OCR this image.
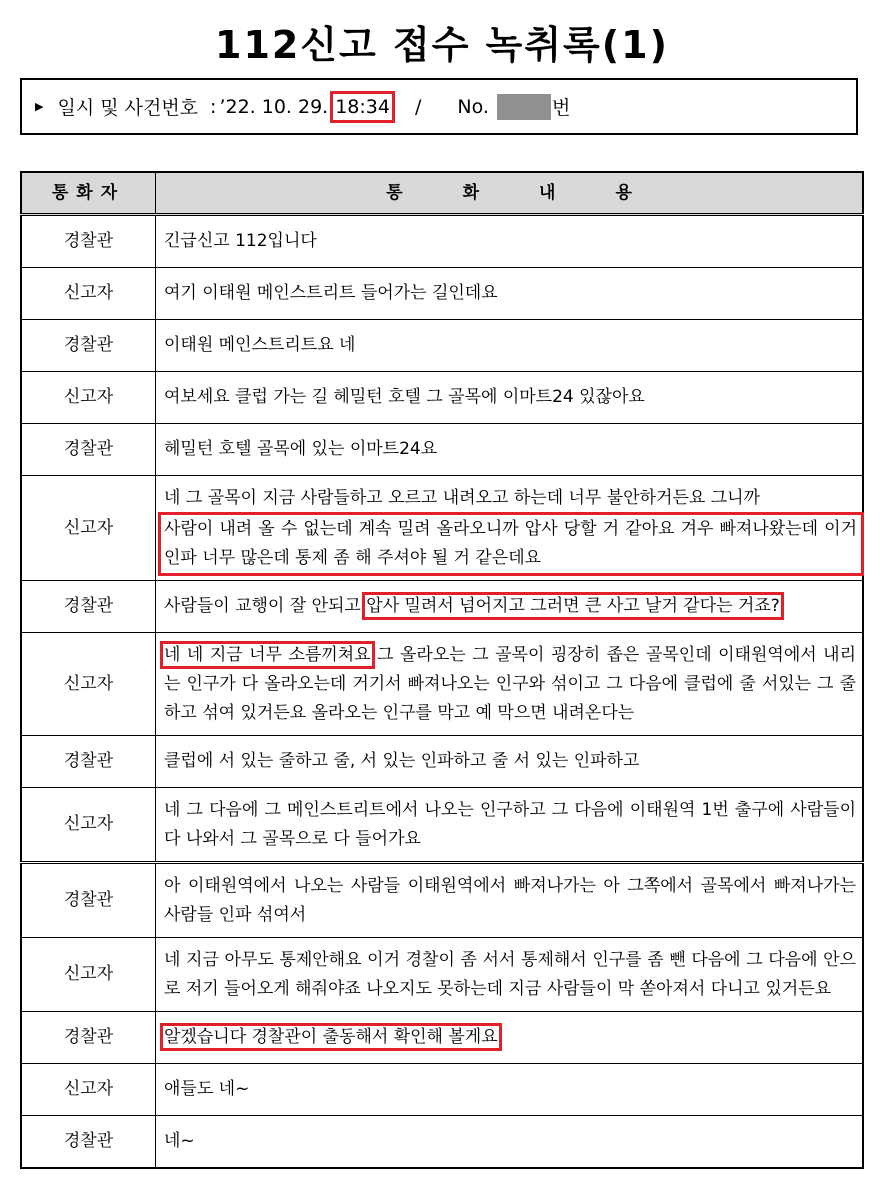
112신고 접수 녹취록(1)
▶ 일시 및 사건번호 : ’22. 10. 29. 18:34 / No.	번
통화자	통 화 내 용
경찰관	긴급신고 112입니다
신고자	여기 이태원 메인스트리트 들어가는 길인데요
경찰관	이태원 메인스트리트요 네
신고자	여보세요 클럽 가는 길 헤밀턴 호텔 그 골목에 이마트24 있잖아요
경찰관	헤밀턴 호텔 골목에 있는 이마트24요
신고자	네 그 골목이 지금 사람들하고 오르고 내려오고 하는데 너무 불안하거든요 그니까
사람이 내려 올 수 없는데 계속 밀려 올라오니까 압사 당할 거 같아요 겨우 빠져나왔는데 이거 인파 너무 많은데 통제 좀 해 주셔야 될 거 같은데요

경찰관	사람들이 교행이 잘 안되고 압사 밀려서 넘어지고 그러면 큰 사고 날거 같다는 거죠?
신고자	네 네 지금 너무 소름끼쳐요 그 올라오는 그 골목이 굉장히 좁은 골목인데 이태원역에서 내리는 인구가 다 올라오는데 거기서 빠져나오는 인구와 섞이고 그 다음에 클럽에 줄 서있는 그 줄하고 섞여 있거든요 올라오는 인구를 막고 예 막으면 내려온다는
경찰관	클럽에 서 있는 줄하고 줄, 서 있는 인파하고 줄 서 있는 인파하고
신고자	네 그 다음에 그 메인스트리트에서 나오는 인구하고 그 다음에 이태원역 1번 출구에 사람들이 다 나와서 그 골목으로 다 들어가요
경찰관	아 이태원역에서 나오는 사람들 이태원역에서 빠져나가는 아 그쪽에서 골목에서 빠져나가는 사람들 인파 섞여서
신고자	네 지금 아무도 통제안해요 이거 경찰이 좀 서서 통제해서 인구를 좀 뺀 다음에 그 다음에 안으로 저기 들어오게 해줘야죠 나오지도 못하는데 지금 사람들이 막 쏟아져서 다니고 있거든요
경찰관	알겠습니다 경찰관이 출동해서 확인해 볼게요
신고자	애들도 네~
경찰관	네~
